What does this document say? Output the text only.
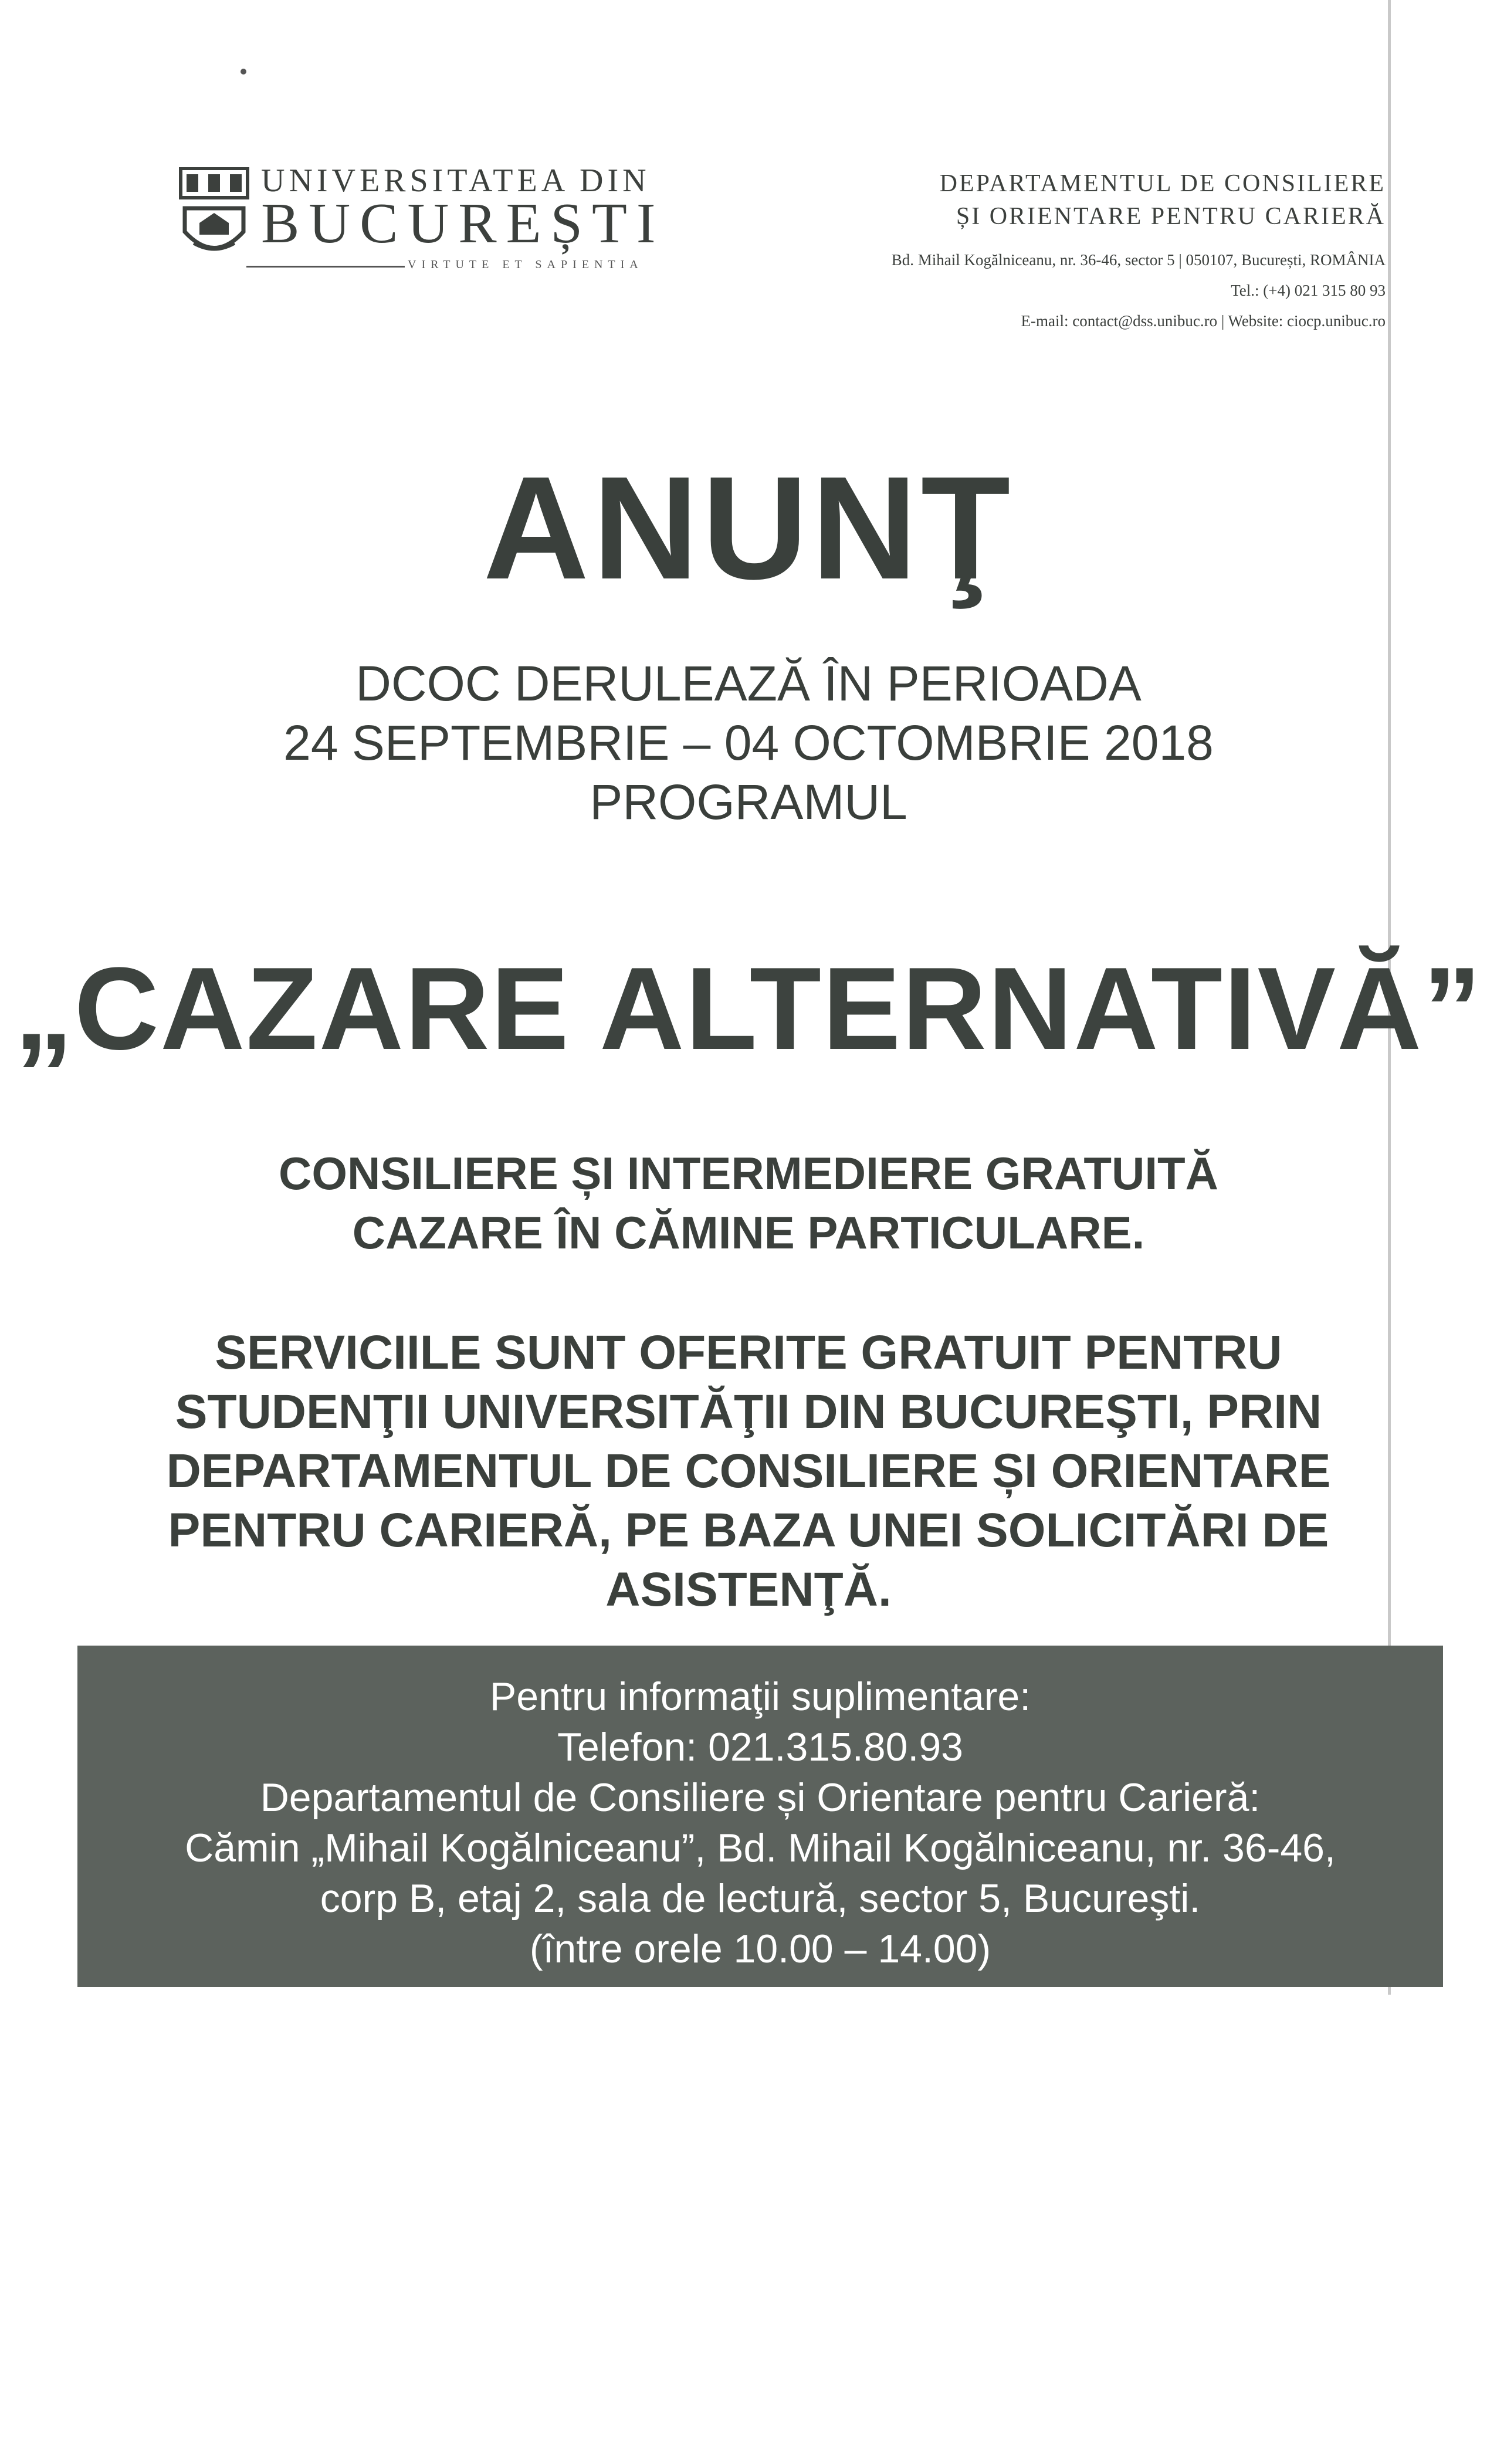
UNIVERSITATEA DIN
BUCUREȘTI
VIRTUTE ET SAPIENTIA
DEPARTAMENTUL DE CONSILIERE
ȘI ORIENTARE PENTRU CARIERĂ
Bd. Mihail Kogălniceanu, nr. 36-46, sector 5 | 050107, București, ROMÂNIA
Tel.: (+4) 021 315 80 93
E-mail: contact@dss.unibuc.ro | Website: ciocp.unibuc.ro
ANUNŢ
DCOC DERULEAZĂ ÎN PERIOADA
24 SEPTEMBRIE – 04 OCTOMBRIE 2018
PROGRAMUL
„CAZARE ALTERNATIVĂ”
CONSILIERE ȘI INTERMEDIERE GRATUITĂ
CAZARE ÎN CĂMINE PARTICULARE.
SERVICIILE SUNT OFERITE GRATUIT PENTRU
STUDENŢII UNIVERSITĂŢII DIN BUCUREŞTI, PRIN
DEPARTAMENTUL DE CONSILIERE ȘI ORIENTARE
PENTRU CARIERĂ, PE BAZA UNEI SOLICITĂRI DE
ASISTENŢĂ.
Pentru informaţii suplimentare:
Telefon: 021.315.80.93
Departamentul de Consiliere și Orientare pentru Carieră:
Cămin „Mihail Kogălniceanu”, Bd. Mihail Kogălniceanu, nr. 36-46,
corp B, etaj 2, sala de lectură, sector 5, Bucureşti.
(între orele 10.00 – 14.00)
